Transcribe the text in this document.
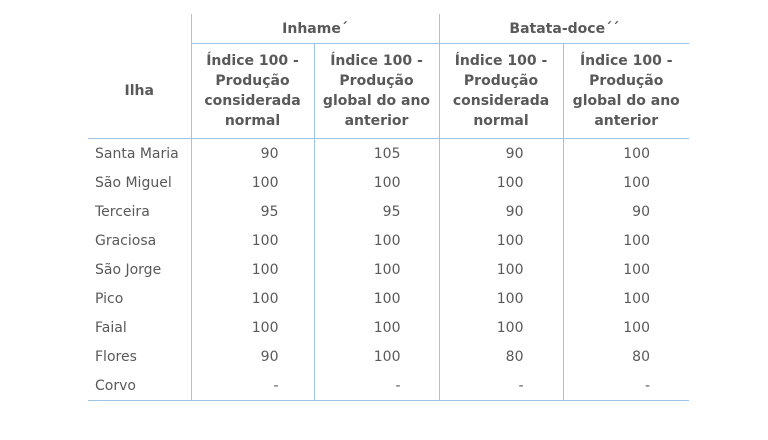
	Inhame´		Batata-doce´´	
Ilha	Índice 100 - Produção considerada normal	Índice 100 - Produção global do ano anterior	Índice 100 - Produção considerada normal	Índice 100 - Produção global do ano anterior
Santa Maria	90	105	90	100
São Miguel	100	100	100	100
Terceira	95	95	90	90
Graciosa	100	100	100	100
São Jorge	100	100	100	100
Pico	100	100	100	100
Faial	100	100	100	100
Flores	90	100	80	80
Corvo	-	-	-	-
